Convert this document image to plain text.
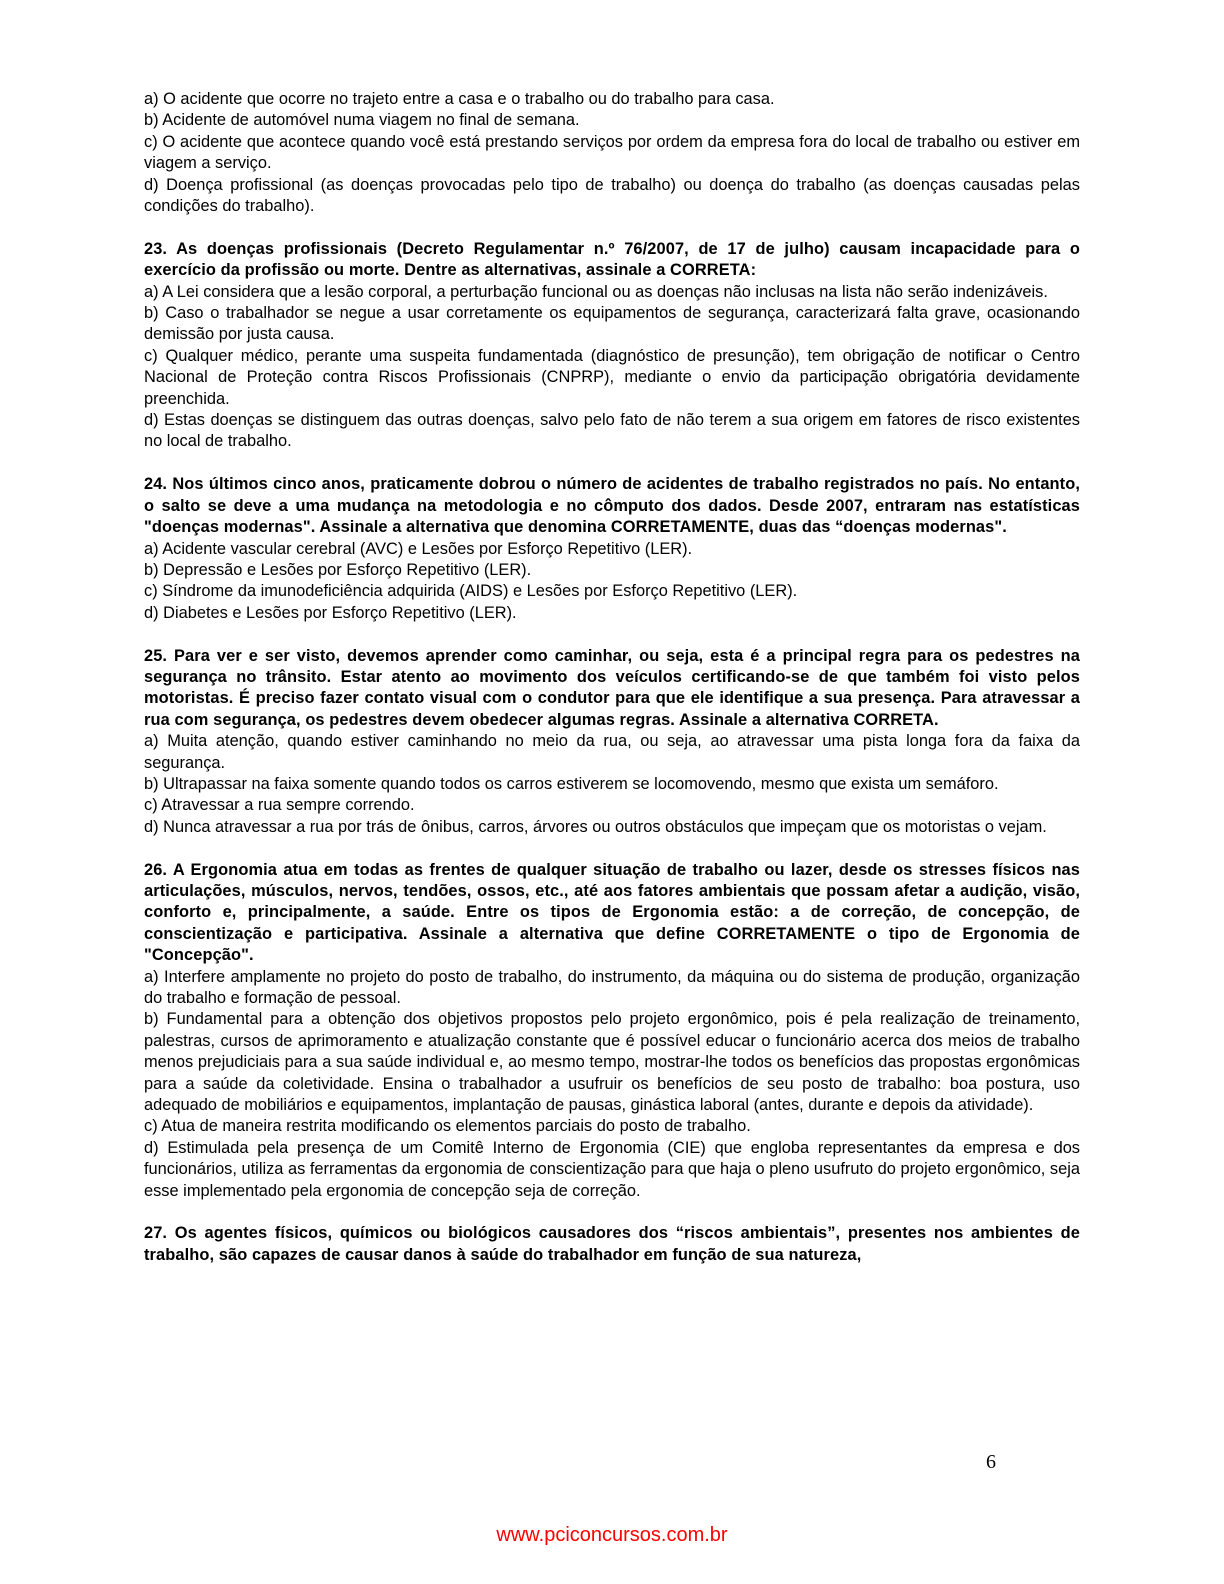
a) O acidente que ocorre no trajeto entre a casa e o trabalho ou do trabalho para casa.

b) Acidente de automóvel numa viagem no final de semana.

c) O acidente que acontece quando você está prestando serviços por ordem da empresa fora do local de trabalho ou estiver em viagem a serviço.

d) Doença profissional (as doenças provocadas pelo tipo de trabalho) ou doença do trabalho (as doenças causadas pelas condições do trabalho).

23. As doenças profissionais (Decreto Regulamentar n.º 76/2007, de 17 de julho) causam incapacidade para o exercício da profissão ou morte. Dentre as alternativas, assinale a CORRETA:

a) A Lei considera que a lesão corporal, a perturbação funcional ou as doenças não inclusas na lista não serão indenizáveis.

b) Caso o trabalhador se negue a usar corretamente os equipamentos de segurança, caracterizará falta grave, ocasionando demissão por justa causa.

c) Qualquer médico, perante uma suspeita fundamentada (diagnóstico de presunção), tem obrigação de notificar o Centro Nacional de Proteção contra Riscos Profissionais (CNPRP), mediante o envio da participação obrigatória devidamente preenchida.

d) Estas doenças se distinguem das outras doenças, salvo pelo fato de não terem a sua origem em fatores de risco existentes no local de trabalho.

24. Nos últimos cinco anos, praticamente dobrou o número de acidentes de trabalho registrados no país. No entanto, o salto se deve a uma mudança na metodologia e no cômputo dos dados. Desde 2007, entraram nas estatísticas "doenças modernas". Assinale a alternativa que denomina CORRETAMENTE, duas das “doenças modernas".

a) Acidente vascular cerebral (AVC) e Lesões por Esforço Repetitivo (LER).

b) Depressão e Lesões por Esforço Repetitivo (LER).

c) Síndrome da imunodeficiência adquirida (AIDS) e Lesões por Esforço Repetitivo (LER).

d) Diabetes e Lesões por Esforço Repetitivo (LER).

25. Para ver e ser visto, devemos aprender como caminhar, ou seja, esta é a principal regra para os pedestres na segurança no trânsito. Estar atento ao movimento dos veículos certificando-se de que também foi visto pelos motoristas. É preciso fazer contato visual com o condutor para que ele identifique a sua presença. Para atravessar a rua com segurança, os pedestres devem obedecer algumas regras. Assinale a alternativa CORRETA.

a) Muita atenção, quando estiver caminhando no meio da rua, ou seja, ao atravessar uma pista longa fora da faixa da segurança.

b) Ultrapassar na faixa somente quando todos os carros estiverem se locomovendo, mesmo que exista um semáforo.

c) Atravessar a rua sempre correndo.

d) Nunca atravessar a rua por trás de ônibus, carros, árvores ou outros obstáculos que impeçam que os motoristas o vejam.

26. A Ergonomia atua em todas as frentes de qualquer situação de trabalho ou lazer, desde os stresses físicos nas articulações, músculos, nervos, tendões, ossos, etc., até aos fatores ambientais que possam afetar a audição, visão, conforto e, principalmente, a saúde. Entre os tipos de Ergonomia estão: a de correção, de concepção, de conscientização e participativa. Assinale a alternativa que define CORRETAMENTE o tipo de Ergonomia de "Concepção".

a) Interfere amplamente no projeto do posto de trabalho, do instrumento, da máquina ou do sistema de produção, organização do trabalho e formação de pessoal.

b) Fundamental para a obtenção dos objetivos propostos pelo projeto ergonômico, pois é pela realização de treinamento, palestras, cursos de aprimoramento e atualização constante que é possível educar o funcionário acerca dos meios de trabalho menos prejudiciais para a sua saúde individual e, ao mesmo tempo, mostrar-lhe todos os benefícios das propostas ergonômicas para a saúde da coletividade. Ensina o trabalhador a usufruir os benefícios de seu posto de trabalho: boa postura, uso adequado de mobiliários e equipamentos, implantação de pausas, ginástica laboral (antes, durante e depois da atividade).

c) Atua de maneira restrita modificando os elementos parciais do posto de trabalho.

d) Estimulada pela presença de um Comitê Interno de Ergonomia (CIE) que engloba representantes da empresa e dos funcionários, utiliza as ferramentas da ergonomia de conscientização para que haja o pleno usufruto do projeto ergonômico, seja esse implementado pela ergonomia de concepção seja de correção.

27. Os agentes físicos, químicos ou biológicos causadores dos “riscos ambientais”, presentes nos ambientes de trabalho, são capazes de causar danos à saúde do trabalhador em função de sua natureza,

6
www.pciconcursos.com.br
